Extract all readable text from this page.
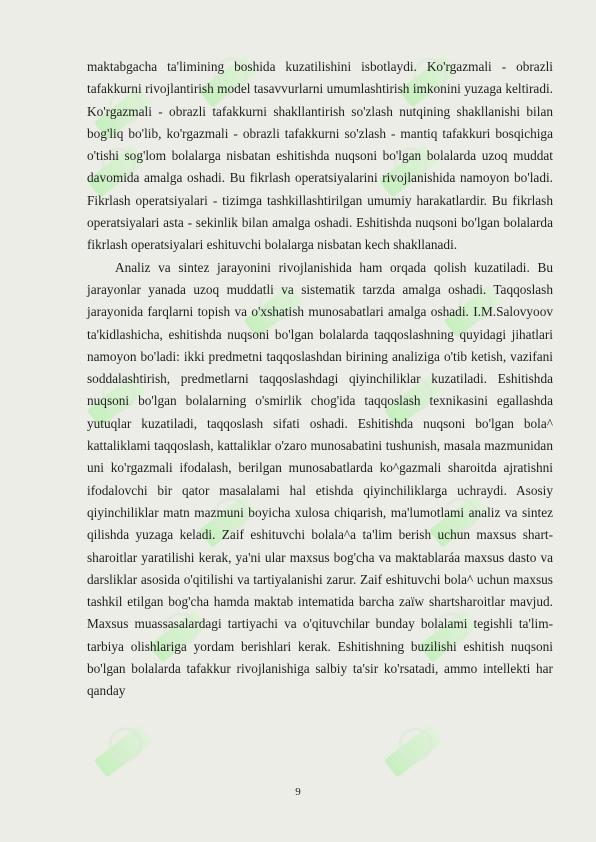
maktabgacha ta'limining boshida kuzatilishini isbotlaydi. Ko'rgazmali - obrazli tafakkurni rivojlantirish model tasavvurlarni umumlashtirish imkonini yuzaga keltiradi. Ko'rgazmali - obrazli tafakkurni shakllantirish so'zlash nutqining shakllanishi bilan bog'liq bo'lib, ko'rgazmali - obrazli tafakkurni so'zlash - mantiq tafakkuri bosqichiga o'tishi sog'lom bolalarga nisbatan eshitishda nuqsoni bo'lgan bolalarda uzoq muddat davomida amalga oshadi. Bu fikrlash operatsiyalarini rivojlanishida namoyon bo'ladi. Fikrlash operatsiyalari - tizimga tashkillashtirilgan umumiy harakatlardir. Bu fikrlash operatsiyalari asta - sekinlik bilan amalga oshadi. Eshitishda nuqsoni bo'lgan bolalarda fikrlash operatsiyalari eshituvchi bolalarga nisbatan kech shakllanadi.

Analiz va sintez jarayonini rivojlanishida ham orqada qolish kuzatiladi. Bu jarayonlar yanada uzoq muddatli va sistematik tarzda amalga oshadi. Taqqoslash jarayonida farqlarni topish va o'xshatish munosabatlari amalga oshadi. I.M.Salovyoov ta'kidlashicha, eshitishda nuqsoni bo'lgan bolalarda taqqoslashning quyidagi jihatlari namoyon bo'ladi: ikki predmetni taqqoslashdan birining analiziga o'tib ketish, vazifani soddalashtirish, predmetlarni taqqoslashdagi qiyinchiliklar kuzatiladi. Eshitishda nuqsoni bo'lgan bolalarning o'smirlik chog'ida taqqoslash texnikasini egallashda yutuqlar kuzatiladi, taqqoslash sifati oshadi. Eshitishda nuqsoni bo'lgan bola^ kattaliklami taqqoslash, kattaliklar o'zaro munosabatini tushunish, masala mazmunidan uni ko'rgazmali ifodalash, berilgan munosabatlarda ko^gazmali sharoitda ajratishni ifodalovchi bir qator masalalami hal etishda qiyinchiliklarga uchraydi. Asosiy qiyinchiliklar matn mazmuni boyicha xulosa chiqarish, ma'lumotlami analiz va sintez qilishda yuzaga keladi. Zaif eshituvchi bolala^a ta'lim berish uchun maxsus shart-sharoitlar yaratilishi kerak, ya'ni ular maxsus bog'cha va maktablaráa maxsus dasto va darsliklar asosida o'qitilishi va tartiyalanishi zarur. Zaif eshituvchi bola^ uchun maxsus tashkil etilgan bog'cha hamda maktab intematida barcha zaïw shartsharoitlar mavjud. Maxsus muassasalardagi tartiyachi va o'qituvchilar bunday bolalami tegishli ta'lim-tarbiya olishlariga yordam berishlari kerak. Eshitishning buzilishi eshitish nuqsoni bo'lgan bolalarda tafakkur rivojlanishiga salbiy ta'sir ko'rsatadi, ammo intellekti har qanday

9
